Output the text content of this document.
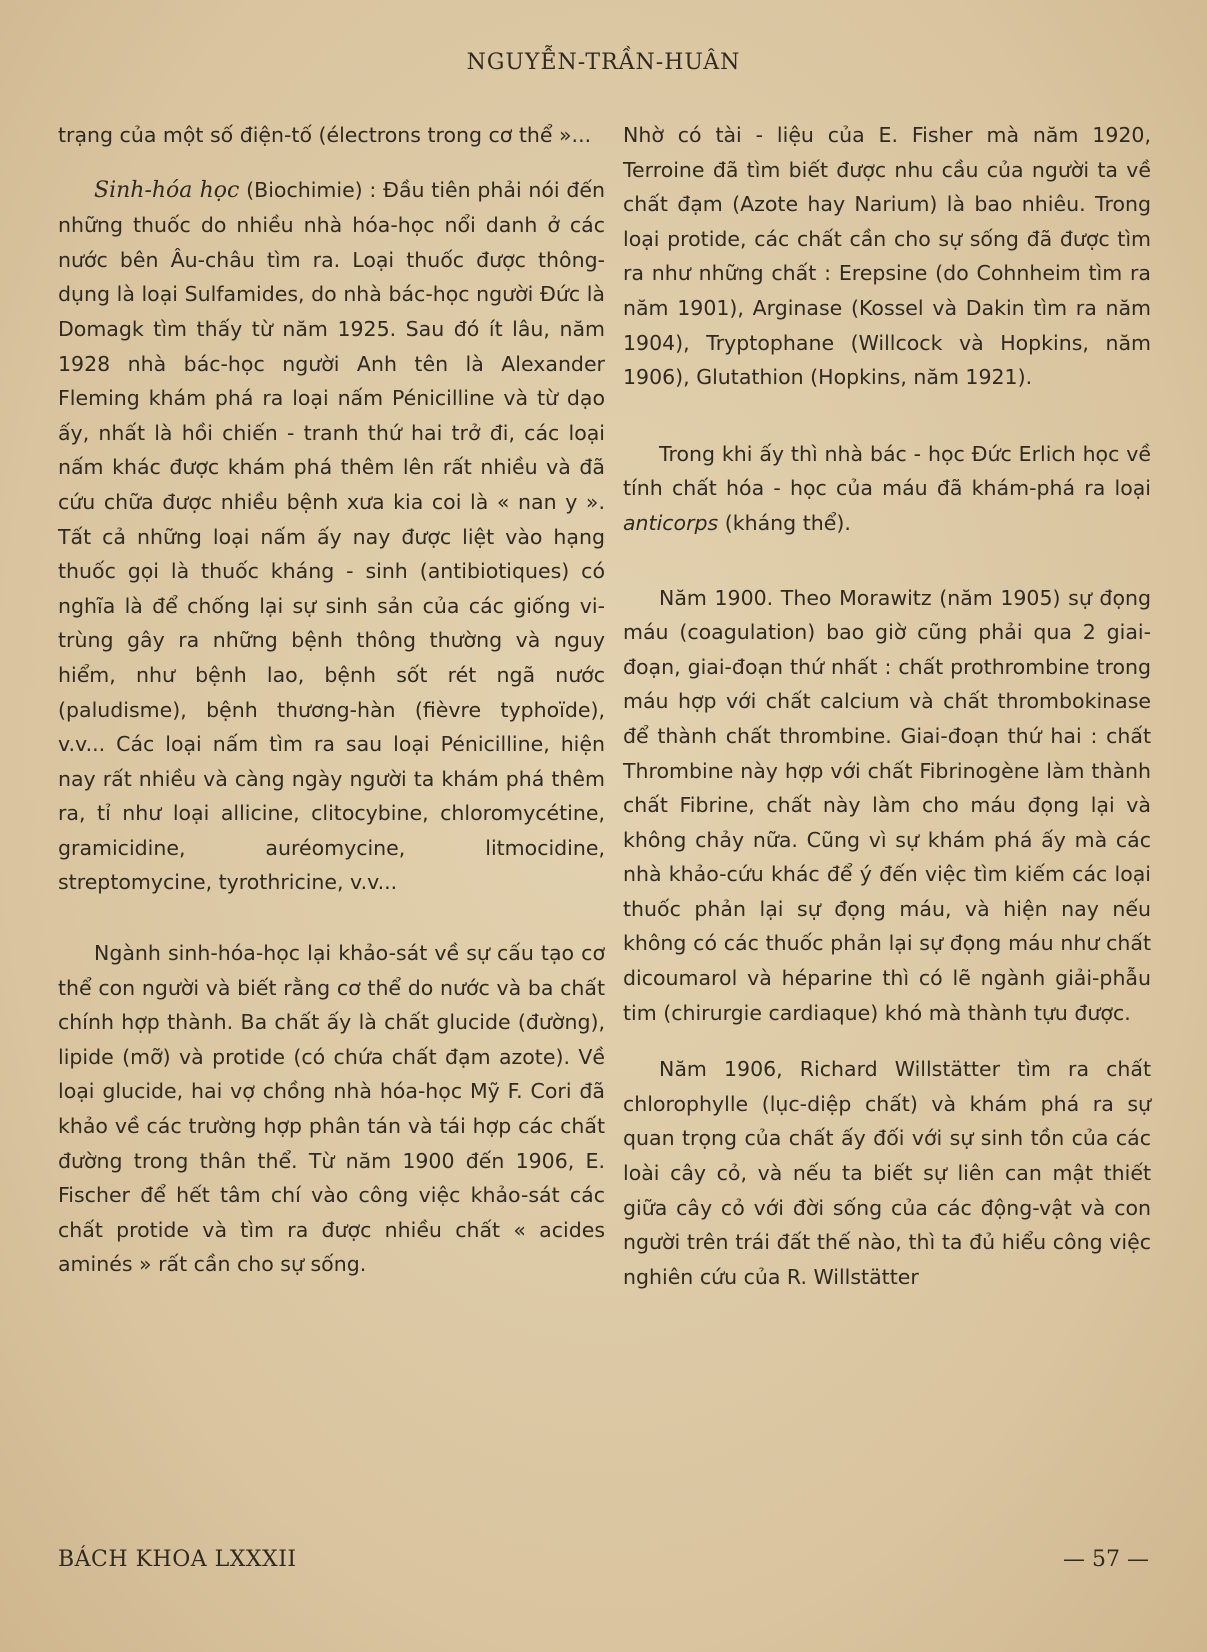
NGUYỄN-TRẦN-HUÂN

trạng của một số điện-tố (électrons trong cơ thể »...

Sinh-hóa học (Biochimie) : Đầu tiên phải nói đến những thuốc do nhiều nhà hóa-học nổi danh ở các nước bên Âu-châu tìm ra. Loại thuốc được thông-dụng là loại Sulfamides, do nhà bác-học người Đức là Domagk tìm thấy từ năm 1925. Sau đó ít lâu, năm 1928 nhà bác-học người Anh tên là Alexander Fleming khám phá ra loại nấm Pénicilline và từ dạo ấy, nhất là hồi chiến - tranh thứ hai trở đi, các loại nấm khác được khám phá thêm lên rất nhiều và đã cứu chữa được nhiều bệnh xưa kia coi là « nan y ». Tất cả những loại nấm ấy nay được liệt vào hạng thuốc gọi là thuốc kháng - sinh (antibiotiques) có nghĩa là để chống lại sự sinh sản của các giống vi-trùng gây ra những bệnh thông thường và nguy hiểm, như bệnh lao, bệnh sốt rét ngã nước (paludisme), bệnh thương-hàn (fièvre typhoïde), v.v... Các loại nấm tìm ra sau loại Pénicilline, hiện nay rất nhiều và càng ngày người ta khám phá thêm ra, tỉ như loại allicine, clitocybine, chloromycétine, gramicidine, auréomycine, litmocidine, streptomycine, tyrothricine, v.v...

Ngành sinh-hóa-học lại khảo-sát về sự cấu tạo cơ thể con người và biết rằng cơ thể do nước và ba chất chính hợp thành. Ba chất ấy là chất glucide (đường), lipide (mỡ) và protide (có chứa chất đạm azote). Về loại glucide, hai vợ chồng nhà hóa-học Mỹ F. Cori đã khảo về các trường hợp phân tán và tái hợp các chất đường trong thân thể. Từ năm 1900 đến 1906, E. Fischer để hết tâm chí vào công việc khảo-sát các chất protide và tìm ra được nhiều chất « acides aminés » rất cần cho sự sống.

Nhờ có tài - liệu của E. Fisher mà năm 1920, Terroine đã tìm biết được nhu cầu của người ta về chất đạm (Azote hay Narium) là bao nhiêu. Trong loại protide, các chất cần cho sự sống đã được tìm ra như những chất : Erepsine (do Cohnheim tìm ra năm 1901), Arginase (Kossel và Dakin tìm ra năm 1904), Tryptophane (Willcock và Hopkins, năm 1906), Glutathion (Hopkins, năm 1921).

Trong khi ấy thì nhà bác - học Đức Erlich học về tính chất hóa - học của máu đã khám-phá ra loại anticorps (kháng thể).

Năm 1900. Theo Morawitz (năm 1905) sự đọng máu (coagulation) bao giờ cũng phải qua 2 giai-đoạn, giai-đoạn thứ nhất : chất prothrombine trong máu hợp với chất calcium và chất thrombokinase để thành chất thrombine. Giai-đoạn thứ hai : chất Thrombine này hợp với chất Fibrinogène làm thành chất Fibrine, chất này làm cho máu đọng lại và không chảy nữa. Cũng vì sự khám phá ấy mà các nhà khảo-cứu khác để ý đến việc tìm kiếm các loại thuốc phản lại sự đọng máu, và hiện nay nếu không có các thuốc phản lại sự đọng máu như chất dicoumarol và héparine thì có lẽ ngành giải-phẫu tim (chirurgie cardiaque) khó mà thành tựu được.

Năm 1906, Richard Willstätter tìm ra chất chlorophylle (lục-diệp chất) và khám phá ra sự quan trọng của chất ấy đối với sự sinh tồn của các loài cây cỏ, và nếu ta biết sự liên can mật thiết giữa cây cỏ với đời sống của các động-vật và con người trên trái đất thế nào, thì ta đủ hiểu công việc nghiên cứu của R. Willstätter

BÁCH KHOA LXXXII	— 57 —
